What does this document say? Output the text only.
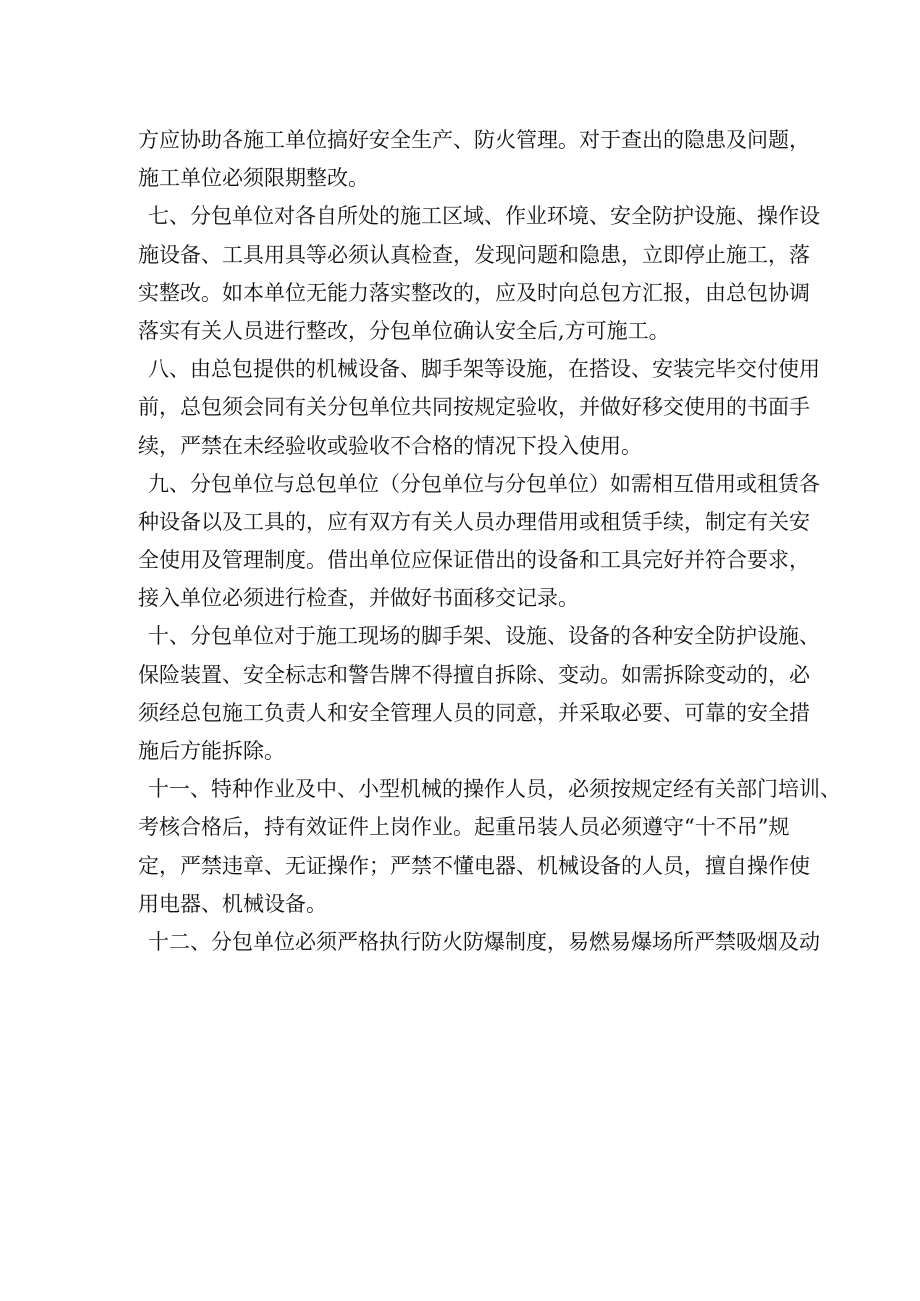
方应协助各施工单位搞好安全生产、防火管理。对于查出的隐患及问题，
施工单位必须限期整改。
七、分包单位对各自所处的施工区域、作业环境、安全防护设施、操作设
施设备、工具用具等必须认真检查，发现问题和隐患，立即停止施工，落
实整改。如本单位无能力落实整改的，应及时向总包方汇报，由总包协调
落实有关人员进行整改，分包单位确认安全后,方可施工。
八、由总包提供的机械设备、脚手架等设施，在搭设、安装完毕交付使用
前，总包须会同有关分包单位共同按规定验收，并做好移交使用的书面手
续，严禁在未经验收或验收不合格的情况下投入使用。
九、分包单位与总包单位（分包单位与分包单位）如需相互借用或租赁各
种设备以及工具的，应有双方有关人员办理借用或租赁手续，制定有关安
全使用及管理制度。借出单位应保证借出的设备和工具完好并符合要求，
接入单位必须进行检查，并做好书面移交记录。
十、分包单位对于施工现场的脚手架、设施、设备的各种安全防护设施、
保险装置、安全标志和警告牌不得擅自拆除、变动。如需拆除变动的，必
须经总包施工负责人和安全管理人员的同意，并采取必要、可靠的安全措
施后方能拆除。
十一、特种作业及中、小型机械的操作人员，必须按规定经有关部门培训、
考核合格后，持有效证件上岗作业。起重吊装人员必须遵守“十不吊”规
定，严禁违章、无证操作；严禁不懂电器、机械设备的人员，擅自操作使
用电器、机械设备。
十二、分包单位必须严格执行防火防爆制度，易燃易爆场所严禁吸烟及动
